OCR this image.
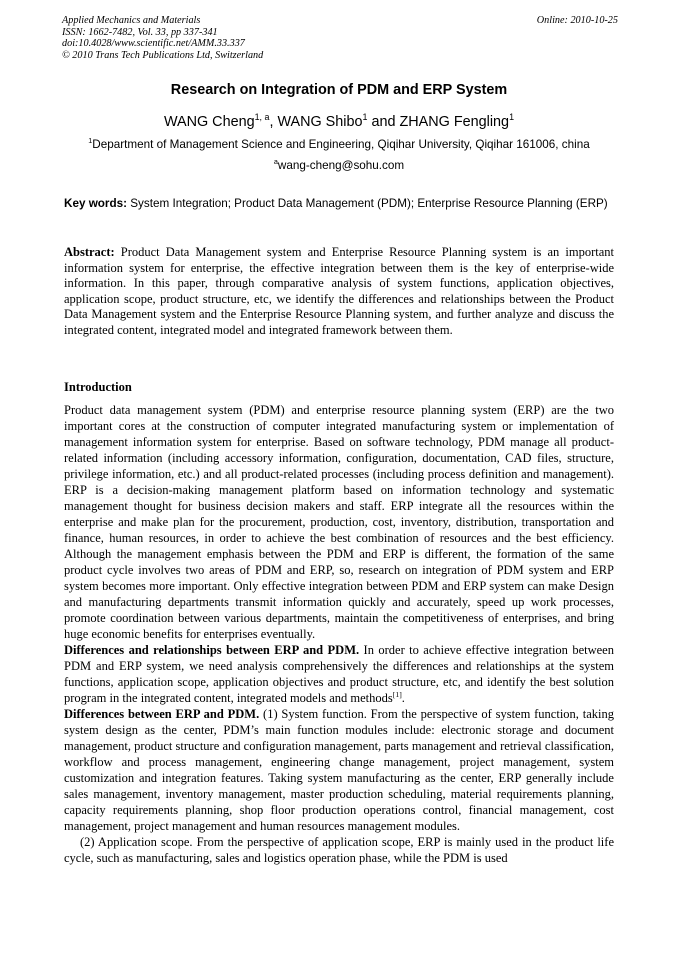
Applied Mechanics and Materials
ISSN: 1662-7482, Vol. 33, pp 337-341
doi:10.4028/www.scientific.net/AMM.33.337
© 2010 Trans Tech Publications Ltd, Switzerland
Online: 2010-10-25
Research on Integration of PDM and ERP System
WANG Cheng$^{1, a}$, WANG Shibo$^1$ and ZHANG Fengling$^1$
$^1$Department of Management Science and Engineering, Qiqihar University, Qiqihar 161006, china
$^a$wang-cheng@sohu.com
Key words: System Integration; Product Data Management (PDM); Enterprise Resource Planning (ERP)
Abstract: Product Data Management system and Enterprise Resource Planning system is an important information system for enterprise, the effective integration between them is the key of enterprise-wide information. In this paper, through comparative analysis of system functions, application objectives, application scope, product structure, etc, we identify the differences and relationships between the Product Data Management system and the Enterprise Resource Planning system, and further analyze and discuss the integrated content, integrated model and integrated framework between them.
Introduction

Product data management system (PDM) and enterprise resource planning system (ERP) are the two important cores at the construction of computer integrated manufacturing system or implementation of management information system for enterprise. Based on software technology, PDM manage all product-related information (including accessory information, configuration, documentation, CAD files, structure, privilege information, etc.) and all product-related processes (including process definition and management). ERP is a decision-making management platform based on information technology and systematic management thought for business decision makers and staff. ERP integrate all the resources within the enterprise and make plan for the procurement, production, cost, inventory, distribution, transportation and finance, human resources, in order to achieve the best combination of resources and the best efficiency. Although the management emphasis between the PDM and ERP is different, the formation of the same product cycle involves two areas of PDM and ERP, so, research on integration of PDM system and ERP system becomes more important. Only effective integration between PDM and ERP system can make Design and manufacturing departments transmit information quickly and accurately, speed up work processes, promote coordination between various departments, maintain the competitiveness of enterprises, and bring huge economic benefits for enterprises eventually.

Differences and relationships between ERP and PDM. In order to achieve effective integration between PDM and ERP system, we need analysis comprehensively the differences and relationships at the system functions, application scope, application objectives and product structure, etc, and identify the best solution program in the integrated content, integrated models and methods[1].

Differences between ERP and PDM. (1) System function. From the perspective of system function, taking system design as the center, PDM’s main function modules include: electronic storage and document management, product structure and configuration management, parts management and retrieval classification, workflow and process management, engineering change management, project management, system customization and integration features. Taking system manufacturing as the center, ERP generally include sales management, inventory management, master production scheduling, material requirements planning, capacity requirements planning, shop floor production operations control, financial management, cost management, project management and human resources management modules.

(2) Application scope. From the perspective of application scope, ERP is mainly used in the product life cycle, such as manufacturing, sales and logistics operation phase, while the PDM is used
